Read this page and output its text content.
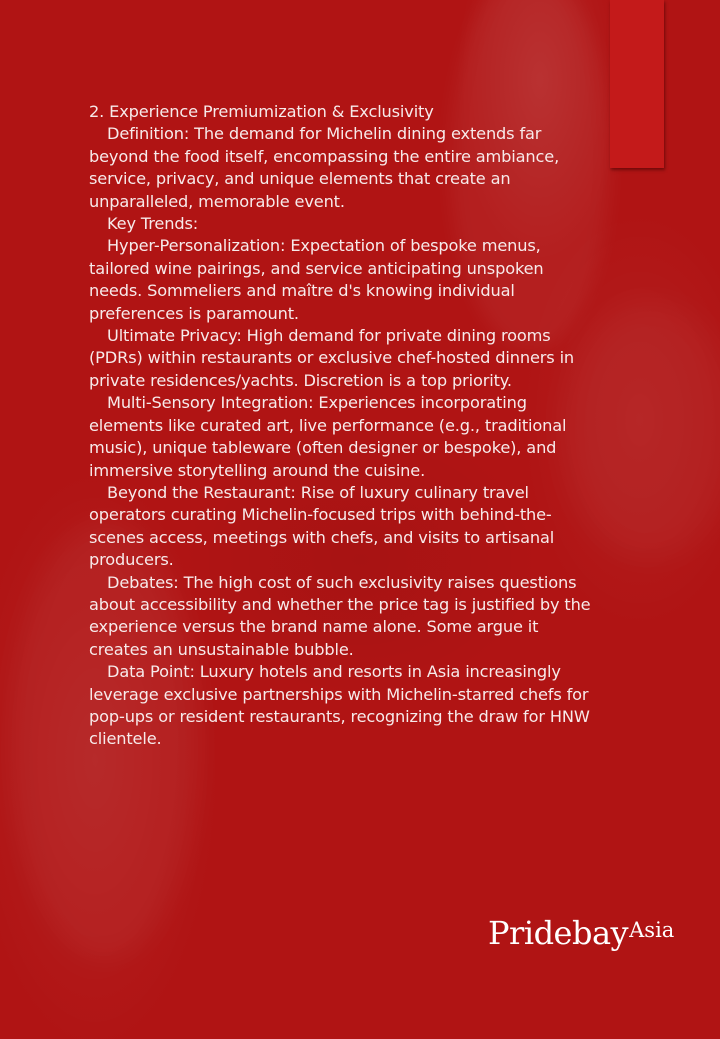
2. Experience Premiumization & Exclusivity

Definition: The demand for Michelin dining extends far beyond the food itself, encompassing the entire ambiance, service, privacy, and unique elements that create an unparalleled, memorable event.

Key Trends:

Hyper-Personalization: Expectation of bespoke menus, tailored wine pairings, and service anticipating unspoken needs. Sommeliers and maître d's knowing individual preferences is paramount.

Ultimate Privacy: High demand for private dining rooms (PDRs) within restaurants or exclusive chef-hosted dinners in private residences/yachts. Discretion is a top priority.

Multi-Sensory Integration: Experiences incorporating elements like curated art, live performance (e.g., traditional music), unique tableware (often designer or bespoke), and immersive storytelling around the cuisine.

Beyond the Restaurant: Rise of luxury culinary travel operators curating Michelin-focused trips with behind-the-scenes access, meetings with chefs, and visits to artisanal producers.

Debates: The high cost of such exclusivity raises questions about accessibility and whether the price tag is justified by the experience versus the brand name alone. Some argue it creates an unsustainable bubble.

Data Point: Luxury hotels and resorts in Asia increasingly leverage exclusive partnerships with Michelin-starred chefs for pop-ups or resident restaurants, recognizing the draw for HNW clientele.

PridebayAsia
